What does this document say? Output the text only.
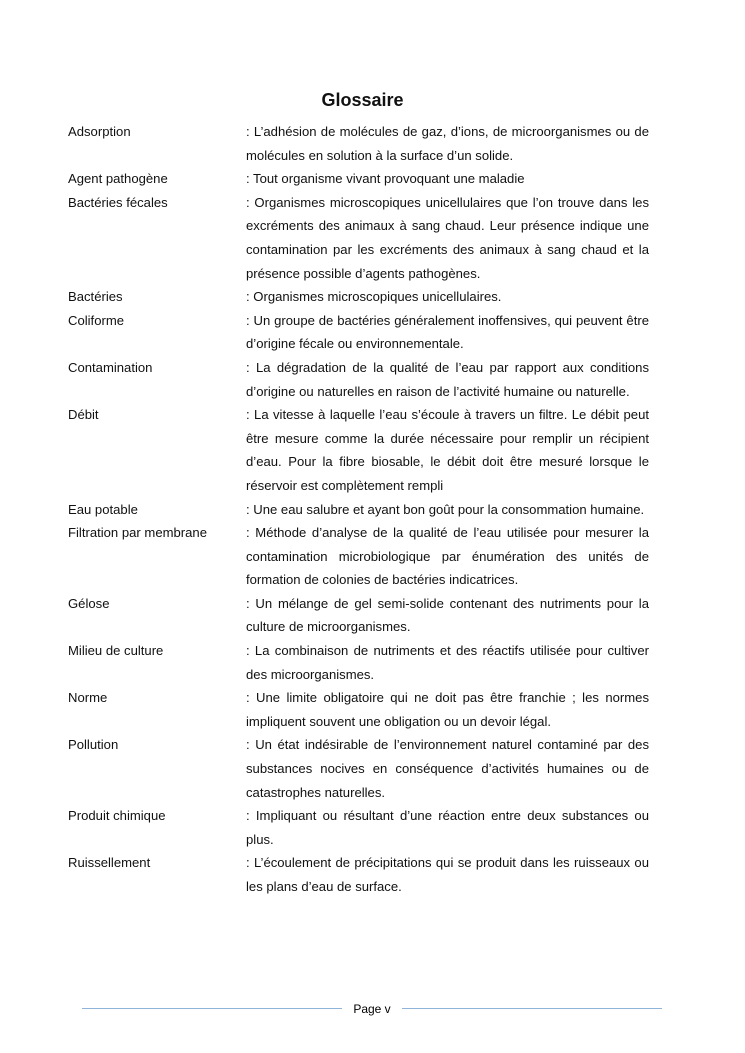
Glossaire
Adsorption	: L’adhésion de molécules de gaz, d’ions, de microorganismes ou de molécules en solution à la surface d’un solide.
Agent pathogène	: Tout organisme vivant provoquant une maladie
Bactéries fécales	: Organismes microscopiques unicellulaires que l’on trouve dans les excréments des animaux à sang chaud. Leur présence indique une contamination par les excréments des animaux à sang chaud et la présence possible d’agents pathogènes.
Bactéries	: Organismes microscopiques unicellulaires.
Coliforme	: Un groupe de bactéries généralement inoffensives, qui peuvent être d’origine fécale ou environnementale.
Contamination	: La dégradation de la qualité de l’eau par rapport aux conditions d’origine ou naturelles en raison de l’activité humaine ou naturelle.
Débit	: La vitesse à laquelle l’eau s’écoule à travers un filtre. Le débit peut être mesure comme la durée nécessaire pour remplir un récipient d’eau. Pour la fibre biosable, le débit doit être mesuré lorsque le réservoir est complètement rempli
Eau potable	: Une eau salubre et ayant bon goût pour la consommation humaine.
Filtration par membrane	: Méthode d’analyse de la qualité de l’eau utilisée pour mesurer la contamination microbiologique par énumération des unités de formation de colonies de bactéries indicatrices.
Gélose	: Un mélange de gel semi-solide contenant des nutriments pour la culture de microorganismes.
Milieu de culture	: La combinaison de nutriments et des réactifs utilisée pour cultiver des microorganismes.
Norme	: Une limite obligatoire qui ne doit pas être franchie ; les normes impliquent souvent une obligation ou un devoir légal.
Pollution	: Un état indésirable de l’environnement naturel contaminé par des substances nocives en conséquence d’activités humaines ou de catastrophes naturelles.
Produit chimique	: Impliquant ou résultant d’une réaction entre deux substances ou plus.
Ruissellement	: L’écoulement de précipitations qui se produit dans les ruisseaux ou les plans d’eau de surface.
Page v
